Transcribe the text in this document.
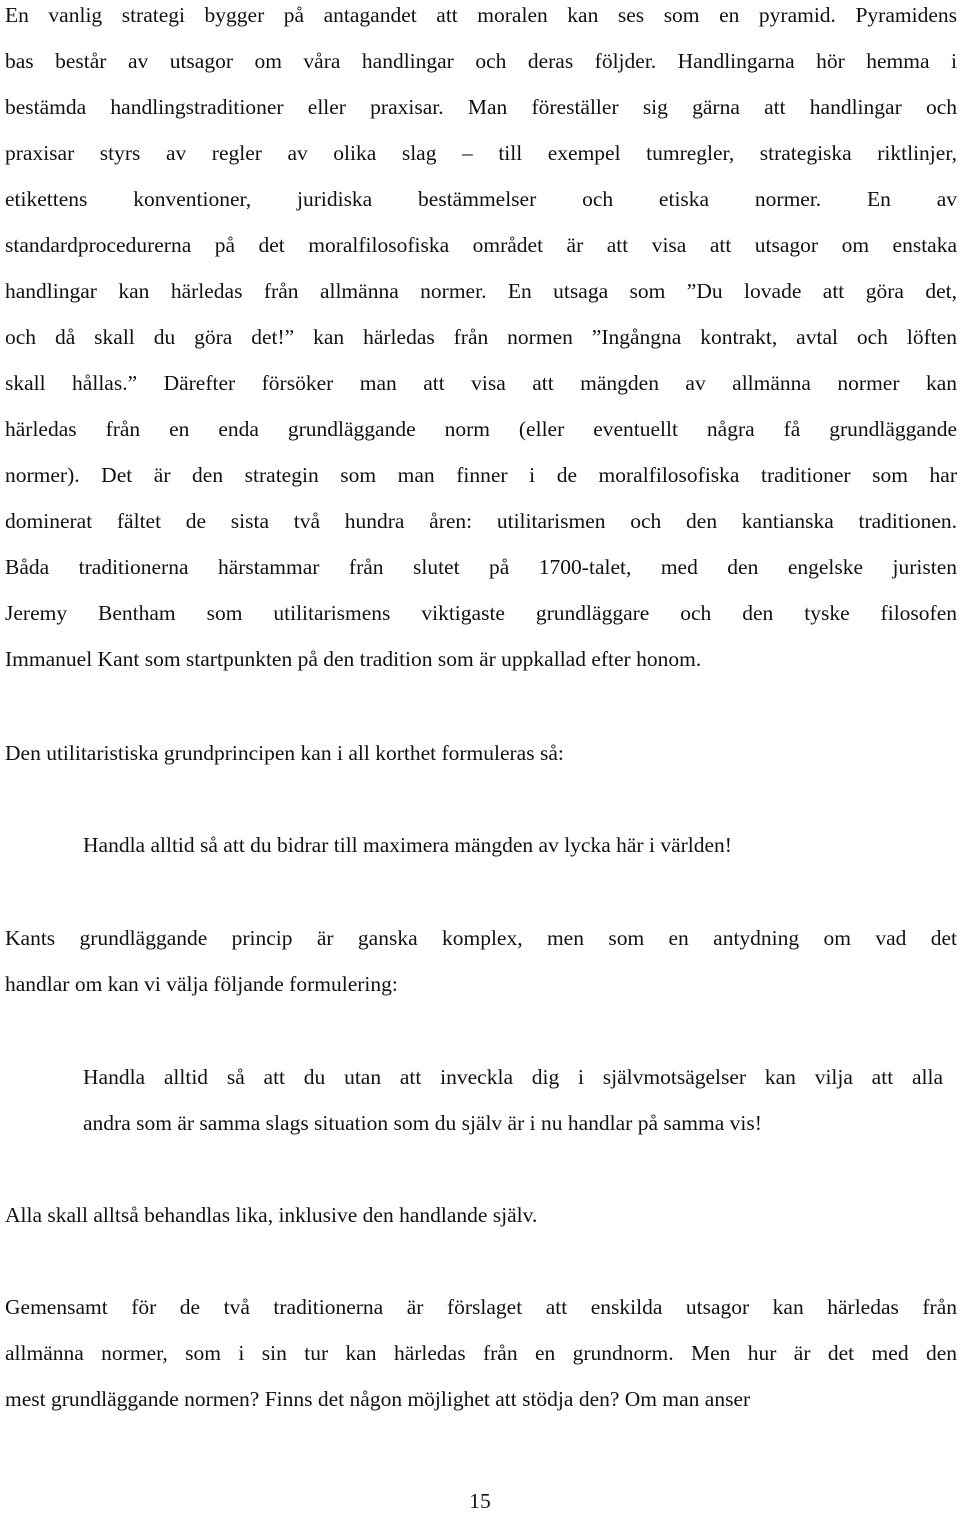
En vanlig strategi bygger på antagandet att moralen kan ses som en pyramid. Pyramidens
bas består av utsagor om våra handlingar och deras följder. Handlingarna hör hemma i
bestämda handlingstraditioner eller praxisar. Man föreställer sig gärna att handlingar och
praxisar styrs av regler av olika slag – till exempel tumregler, strategiska riktlinjer,
etikettens konventioner, juridiska bestämmelser och etiska normer. En av
standardprocedurerna på det moralfilosofiska området är att visa att utsagor om enstaka
handlingar kan härledas från allmänna normer. En utsaga som ”Du lovade att göra det,
och då skall du göra det!” kan härledas från normen ”Ingångna kontrakt, avtal och löften
skall hållas.” Därefter försöker man att visa att mängden av allmänna normer kan
härledas från en enda grundläggande norm (eller eventuellt några få grundläggande
normer). Det är den strategin som man finner i de moralfilosofiska traditioner som har
dominerat fältet de sista två hundra åren: utilitarismen och den kantianska traditionen.
Båda traditionerna härstammar från slutet på 1700-talet, med den engelske juristen
Jeremy Bentham som utilitarismens viktigaste grundläggare och den tyske filosofen
Immanuel Kant som startpunkten på den tradition som är uppkallad efter honom.

Den utilitaristiska grundprincipen kan i all korthet formuleras så:

Handla alltid så att du bidrar till maximera mängden av lycka här i världen!

Kants grundläggande princip är ganska komplex, men som en antydning om vad det
handlar om kan vi välja följande formulering:

Handla alltid så att du utan att inveckla dig i självmotsägelser kan vilja att alla
andra som är samma slags situation som du själv är i nu handlar på samma vis!

Alla skall alltså behandlas lika, inklusive den handlande själv.

Gemensamt för de två traditionerna är förslaget att enskilda utsagor kan härledas från
allmänna normer, som i sin tur kan härledas från en grundnorm. Men hur är det med den
mest grundläggande normen? Finns det någon möjlighet att stödja den? Om man anser

15
